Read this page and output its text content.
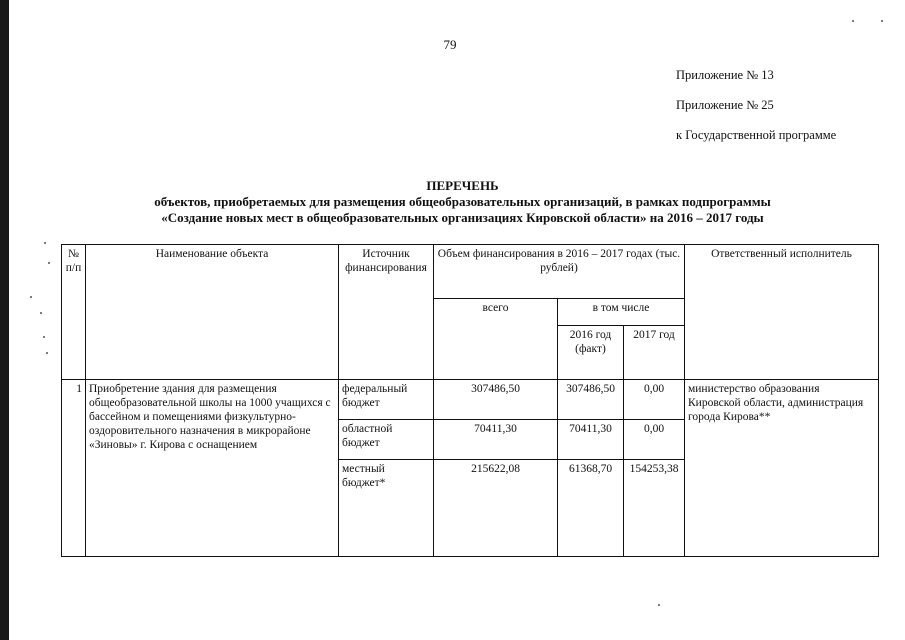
79
Приложение № 13
Приложение № 25
к Государственной программе
ПЕРЕЧЕНЬ
объектов, приобретаемых для размещения общеобразовательных организаций, в рамках подпрограммы
«Создание новых мест в общеобразовательных организациях Кировской области» на 2016 – 2017 годы
№ п/п	Наименование объекта	Источник финансирования	Объем финансирования в 2016 – 2017 годах (тыс. рублей)			Ответственный исполнитель
			всего	в том числе		
				2016 год (факт)	2017 год	
1	Приобретение здания для размещения общеобразовательной школы на 1000 учащихся с бассейном и помещениями физкультурно-оздоровительного назначения в микрорайоне «Зиновы» г. Кирова с оснащением	федеральный бюджет	307486,50	307486,50	0,00	министерство образования Кировской области, администрация города Кирова**
		областной бюджет	70411,30	70411,30	0,00	
		местный бюджет*	215622,08	61368,70	154253,38	
